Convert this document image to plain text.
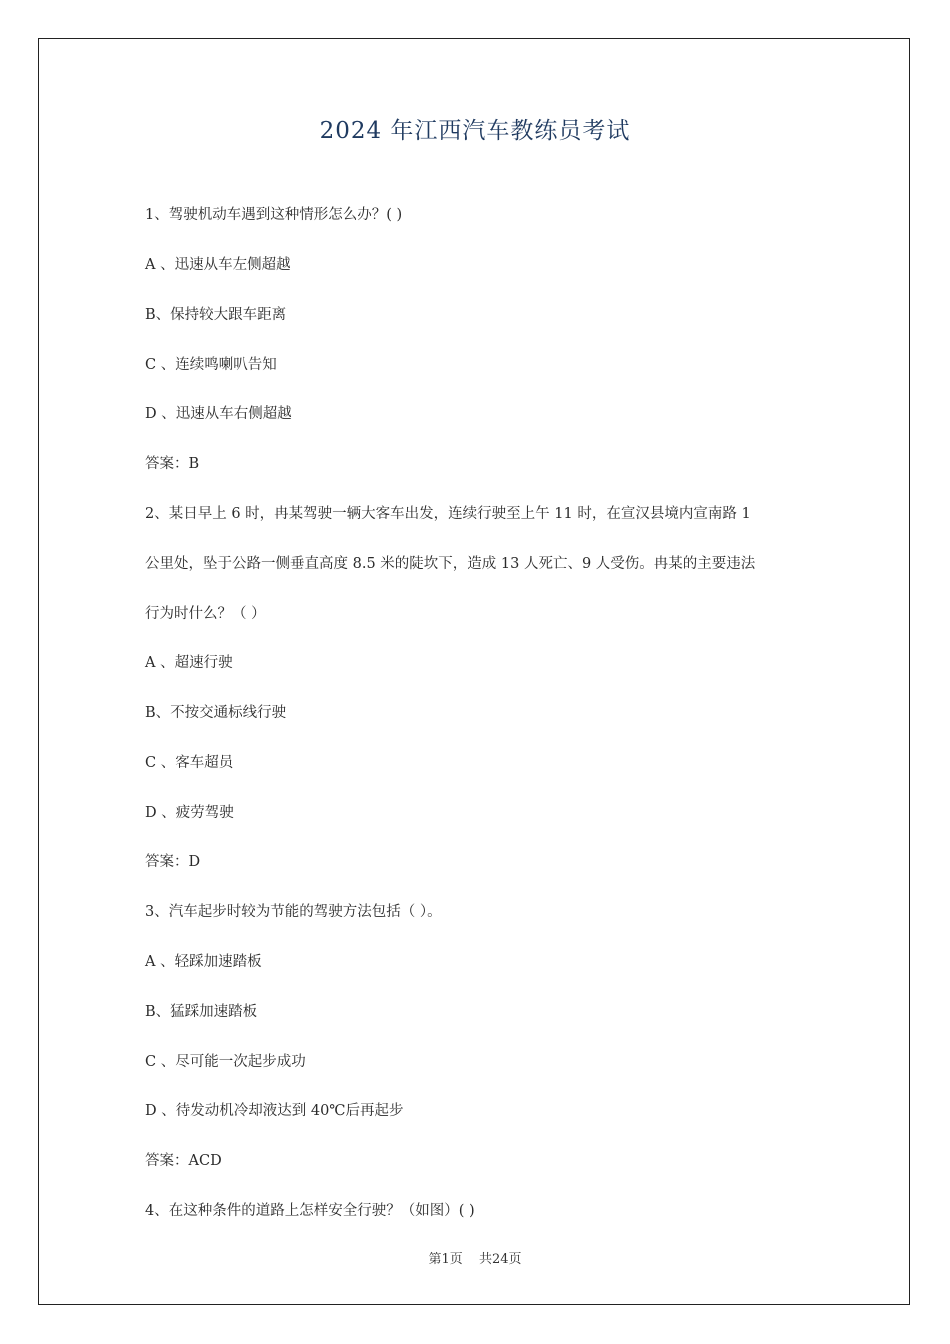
2024 年江西汽车教练员考试
1、驾驶机动车遇到这种情形怎么办？( )
A 、迅速从车左侧超越
B、保持较大跟车距离
C 、连续鸣喇叭告知
D 、迅速从车右侧超越
答案：B
2、某日早上 6 时，冉某驾驶一辆大客车出发，连续行驶至上午 11 时，在宣汉县境内宣南路 1
公里处，坠于公路一侧垂直高度 8.5 米的陡坎下，造成 13 人死亡、9 人受伤。冉某的主要违法
行为时什么？（ ）
A 、超速行驶
B、不按交通标线行驶
C 、客车超员
D 、疲劳驾驶
答案：D
3、汽车起步时较为节能的驾驶方法包括（ ）。
A 、轻踩加速踏板
B、猛踩加速踏板
C 、尽可能一次起步成功
D 、待发动机冷却液达到 40℃后再起步
答案：ACD
4、在这种条件的道路上怎样安全行驶？（如图）( )
第1页 共24页
